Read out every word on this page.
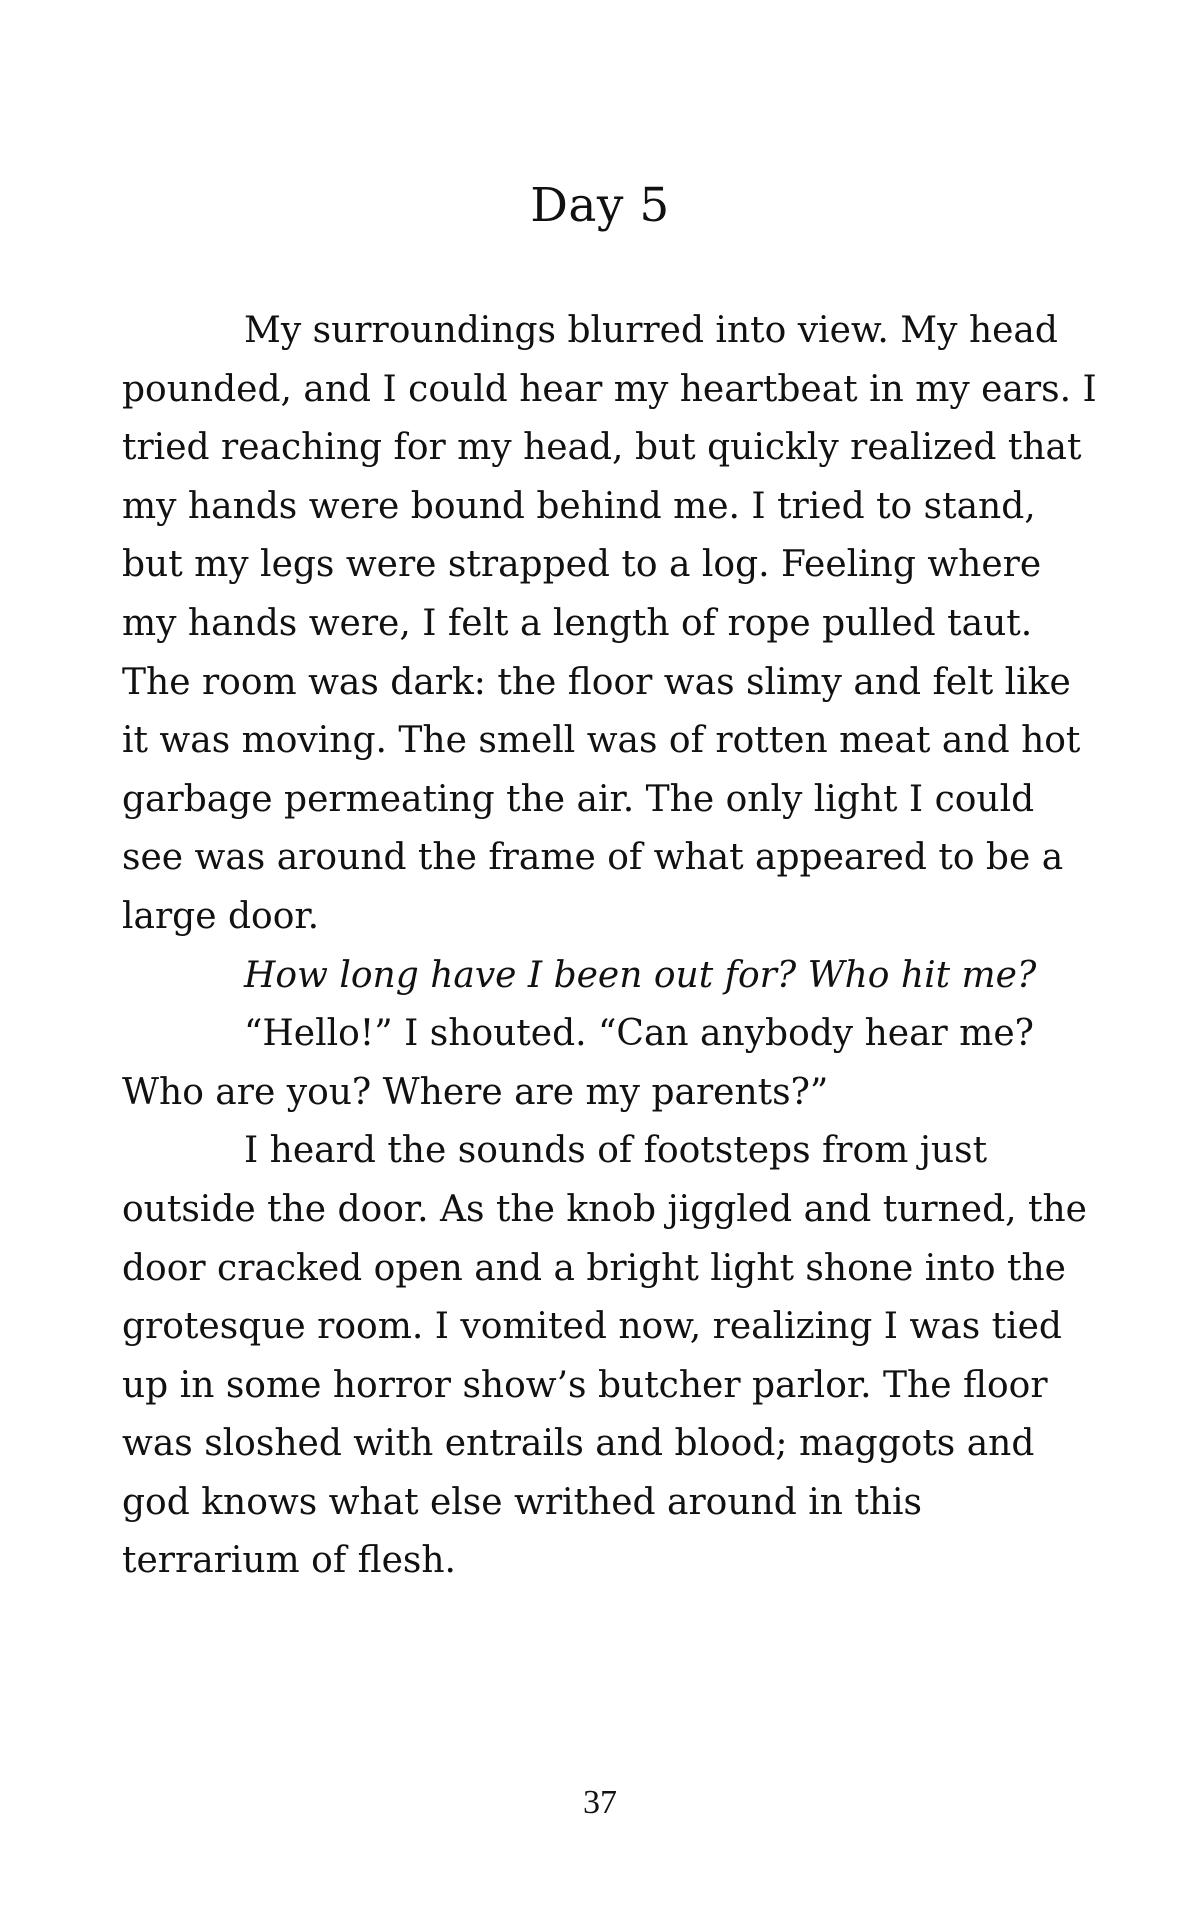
Day 5

My surroundings blurred into view. My head pounded, and I could hear my heartbeat in my ears. I tried reaching for my head, but quickly realized that my hands were bound behind me. I tried to stand, but my legs were strapped to a log. Feeling where my hands were, I felt a length of rope pulled taut. The room was dark: the floor was slimy and felt like it was moving. The smell was of rotten meat and hot garbage permeating the air. The only light I could see was around the frame of what appeared to be a large door.

How long have I been out for? Who hit me?

“Hello!” I shouted. “Can anybody hear me? Who are you? Where are my parents?”

I heard the sounds of footsteps from just outside the door. As the knob jiggled and turned, the door cracked open and a bright light shone into the grotesque room. I vomited now, realizing I was tied up in some horror show’s butcher parlor. The floor was sloshed with entrails and blood; maggots and god knows what else writhed around in this terrarium of flesh.

37
